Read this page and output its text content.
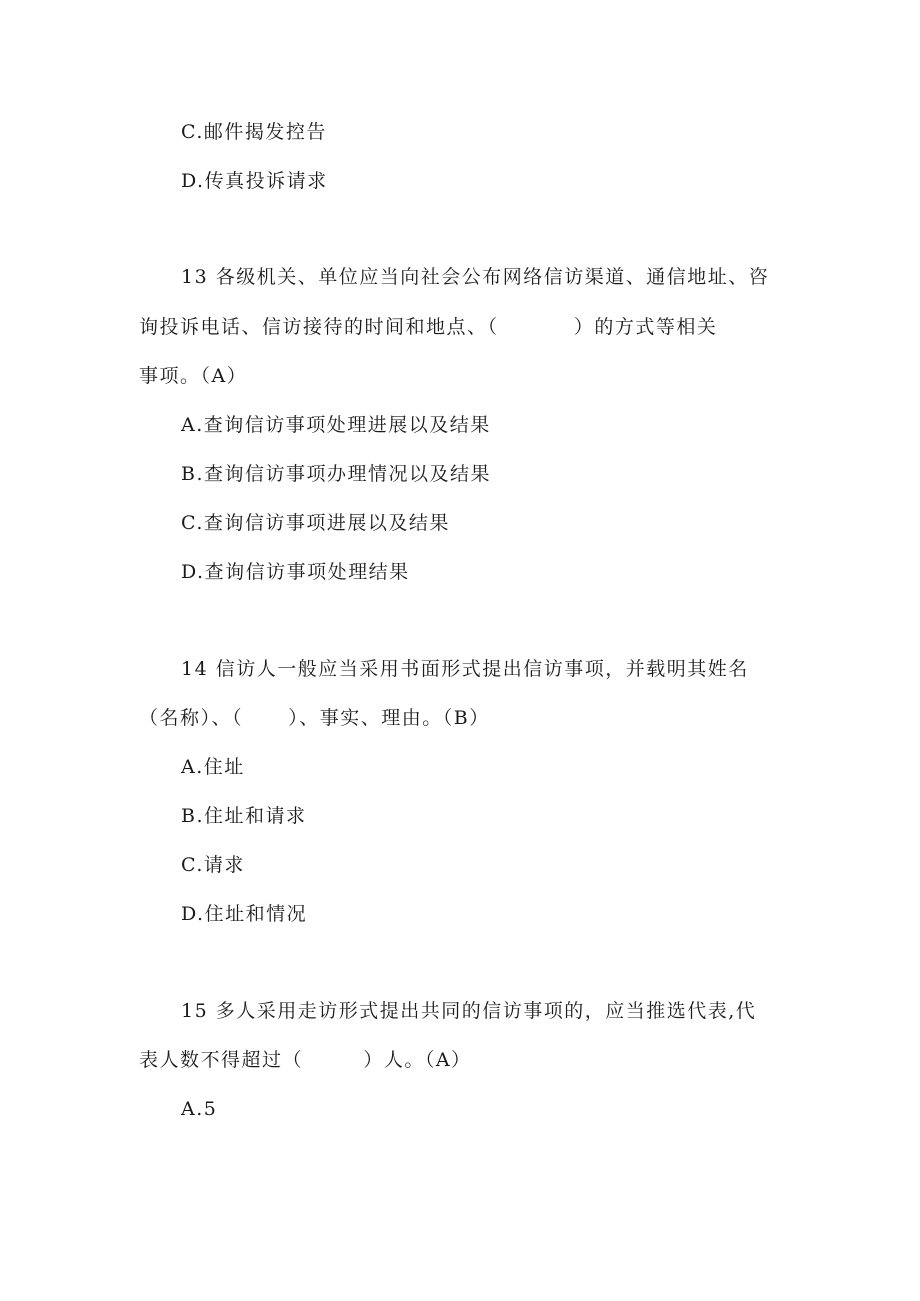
C.邮件揭发控告
D.传真投诉请求
13 各级机关、单位应当向社会公布网络信访渠道、通信地址、咨
询投诉电话、信访接待的时间和地点、（          ）的方式等相关
事项。（A）
A.查询信访事项处理进展以及结果
B.查询信访事项办理情况以及结果
C.查询信访事项进展以及结果
D.查询信访事项处理结果
14 信访人一般应当采用书面形式提出信访事项，并载明其姓名
（名称）、（      ）、事实、理由。（B）
A.住址
B.住址和请求
C.请求
D.住址和情况
15 多人采用走访形式提出共同的信访事项的，应当推选代表,代
表人数不得超过（        ）人。（A）
A.5
